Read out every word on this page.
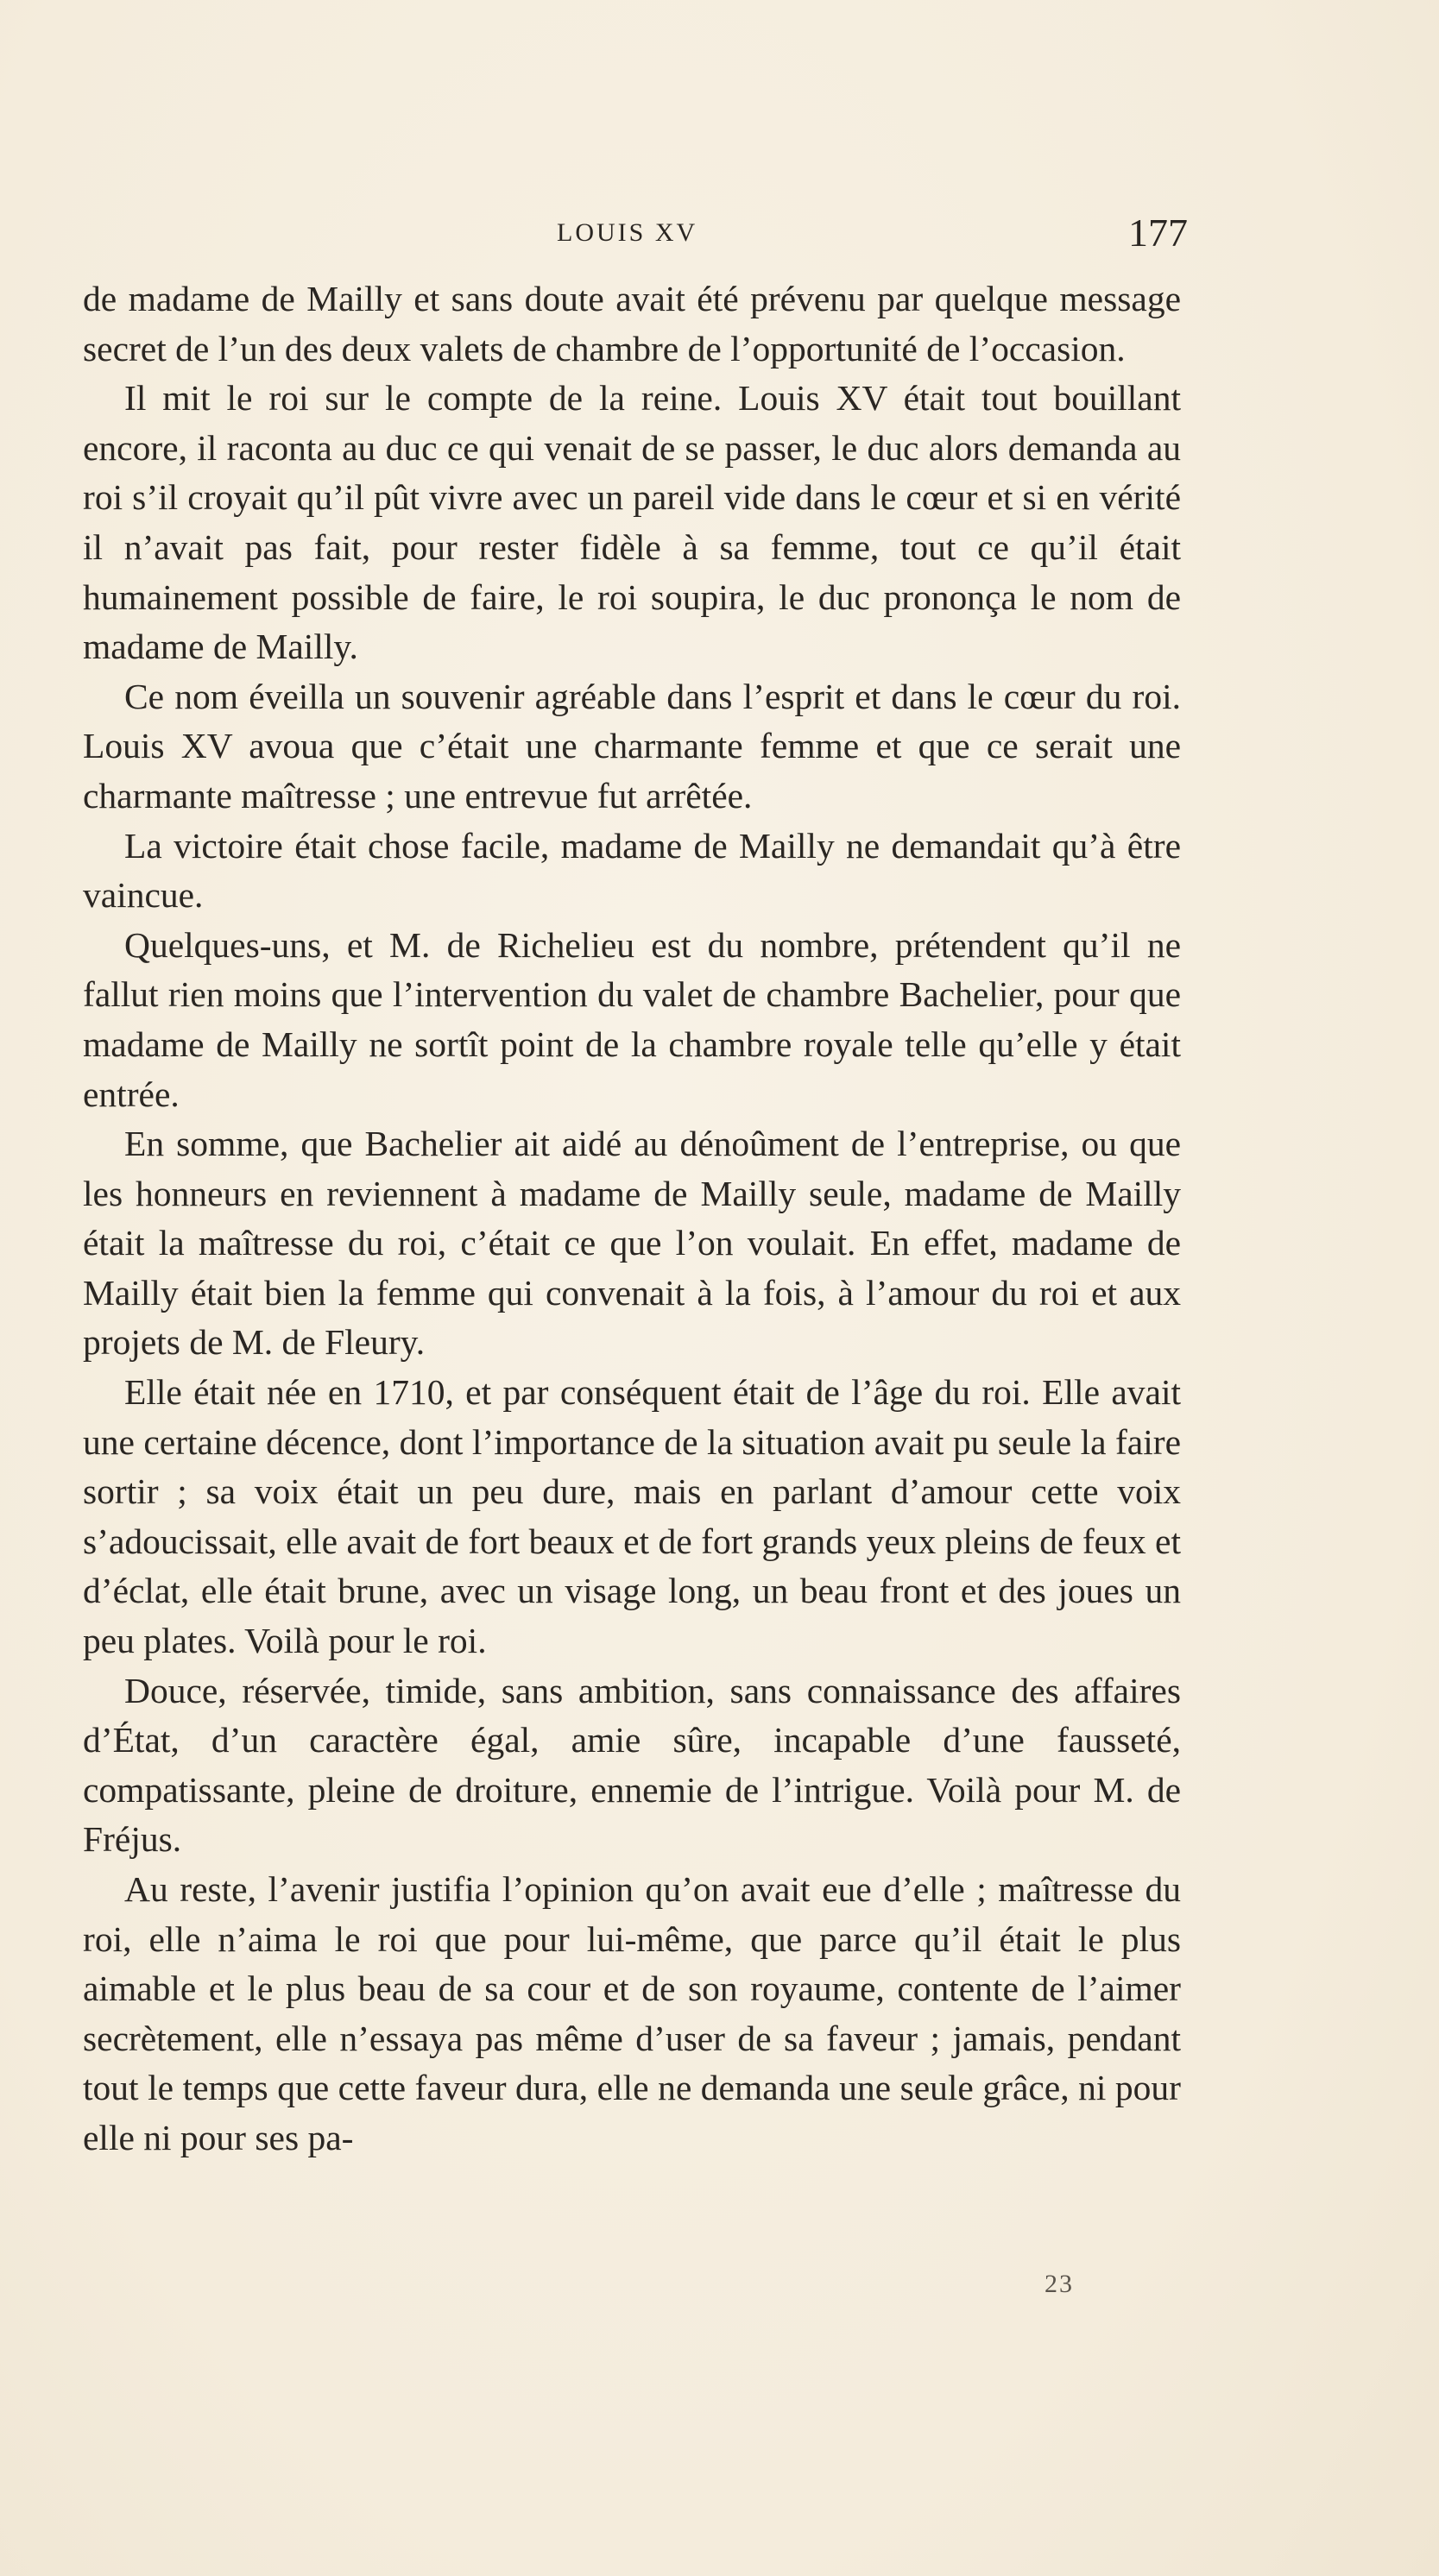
LOUIS XV	177

de madame de Mailly et sans doute avait été prévenu par quelque message secret de l’un des deux valets de chambre de l’opportunité de l’occasion.

Il mit le roi sur le compte de la reine. Louis XV était tout bouillant encore, il raconta au duc ce qui venait de se passer, le duc alors demanda au roi s’il croyait qu’il pût vivre avec un pareil vide dans le cœur et si en vérité il n’avait pas fait, pour rester fidèle à sa femme, tout ce qu’il était humainement possible de faire, le roi soupira, le duc prononça le nom de madame de Mailly.

Ce nom éveilla un souvenir agréable dans l’esprit et dans le cœur du roi. Louis XV avoua que c’était une charmante femme et que ce serait une charmante maîtresse ; une entrevue fut arrêtée.

La victoire était chose facile, madame de Mailly ne demandait qu’à être vaincue.

Quelques-uns, et M. de Richelieu est du nombre, prétendent qu’il ne fallut rien moins que l’intervention du valet de chambre Bachelier, pour que madame de Mailly ne sortît point de la chambre royale telle qu’elle y était entrée.

En somme, que Bachelier ait aidé au dénoûment de l’entreprise, ou que les honneurs en reviennent à madame de Mailly seule, madame de Mailly était la maîtresse du roi, c’était ce que l’on voulait. En effet, madame de Mailly était bien la femme qui convenait à la fois, à l’amour du roi et aux projets de M. de Fleury.

Elle était née en 1710, et par conséquent était de l’âge du roi. Elle avait une certaine décence, dont l’importance de la situation avait pu seule la faire sortir ; sa voix était un peu dure, mais en parlant d’amour cette voix s’adoucissait, elle avait de fort beaux et de fort grands yeux pleins de feux et d’éclat, elle était brune, avec un visage long, un beau front et des joues un peu plates. Voilà pour le roi.

Douce, réservée, timide, sans ambition, sans connaissance des affaires d’État, d’un caractère égal, amie sûre, incapable d’une fausseté, compatissante, pleine de droiture, ennemie de l’intrigue. Voilà pour M. de Fréjus.

Au reste, l’avenir justifia l’opinion qu’on avait eue d’elle ; maîtresse du roi, elle n’aima le roi que pour lui-même, que parce qu’il était le plus aimable et le plus beau de sa cour et de son royaume, contente de l’aimer secrètement, elle n’essaya pas même d’user de sa faveur ; jamais, pendant tout le temps que cette faveur dura, elle ne demanda une seule grâce, ni pour elle ni pour ses pa-

23
